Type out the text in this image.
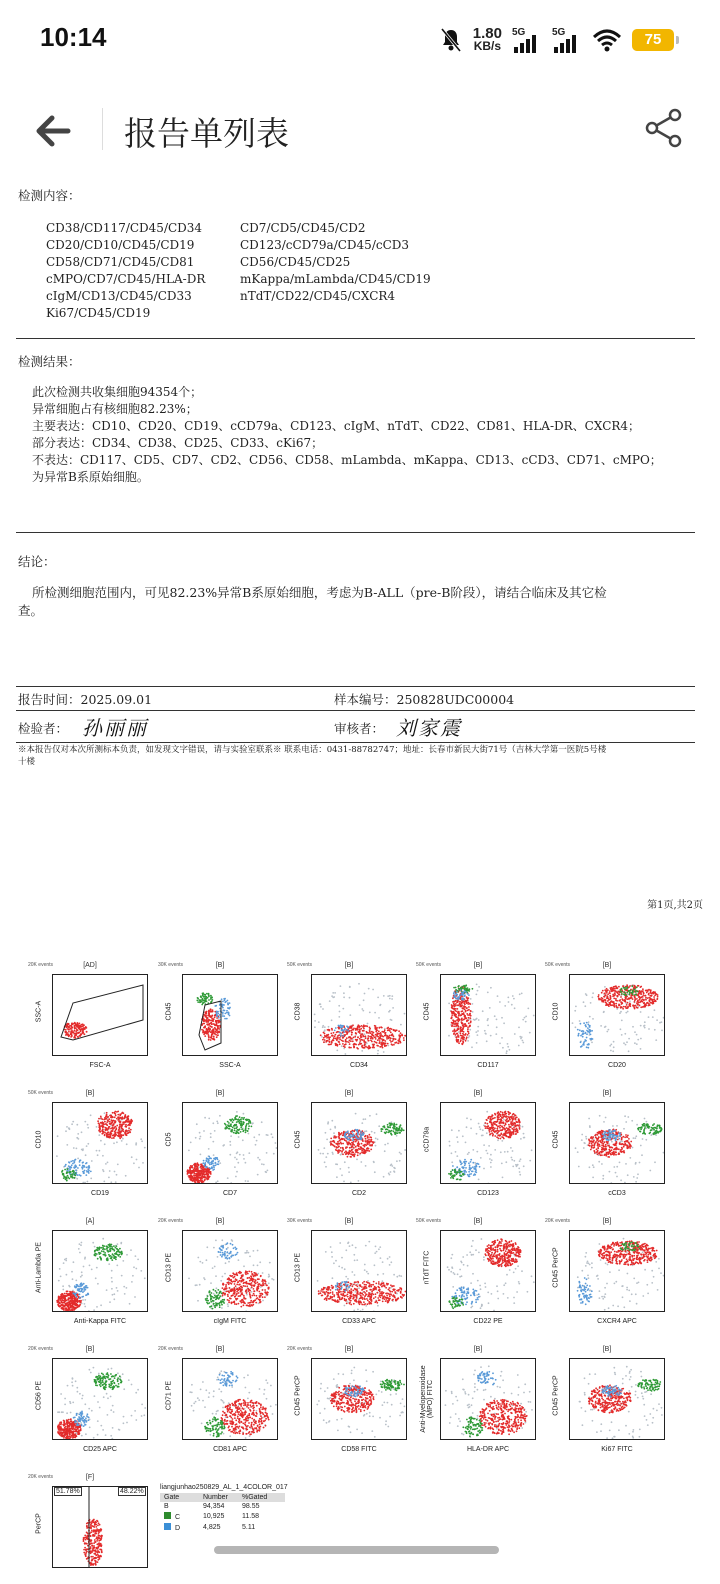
10:14	1.80
KB/s
5G	5G	75
报告单列表
检测内容：
CD38/CD117/CD45/CD34
CD20/CD10/CD45/CD19
CD58/CD71/CD45/CD81
cMPO/CD7/CD45/HLA-DR
cIgM/CD13/CD45/CD33
Ki67/CD45/CD19
CD7/CD5/CD45/CD2
CD123/cCD79a/CD45/cCD3
CD56/CD45/CD25
mKappa/mLambda/CD45/CD19
nTdT/CD22/CD45/CXCR4
检测结果：
此次检测共收集细胞94354个；
异常细胞占有核细胞82.23%；
主要表达：CD10、CD20、CD19、cCD79a、CD123、cIgM、nTdT、CD22、CD81、HLA-DR、CXCR4；
部分表达：CD34、CD38、CD25、CD33、cKi67；
不表达：CD117、CD5、CD7、CD2、CD56、CD58、mLambda、mKappa、CD13、cCD3、CD71、cMPO；
为异常B系原始细胞。
结论：
所检测细胞范围内，可见82.23%异常B系原始细胞，考虑为B-ALL（pre-B阶段），请结合临床及其它检
查。
报告时间：2025.09.01	样本编号：250828UDC00004
检验者： 孙丽丽	审核者： 刘家震
※本报告仅对本次所测标本负责，如发现文字错误，请与实验室联系※ 联系电话：0431-88782747；地址：长春市新民大街71号（吉林大学第一医院5号楼
十楼
第1页,共2页
20K events	[AD]
FSC-A
SSC-A
30K events	[B]
SSC-A
CD45
50K events	[B]
CD34
CD38
50K events	[B]
CD117
CD45
50K events	[B]
CD20
CD10
50K events	[B]
CD19
CD10
[B]
CD7
CD5
[B]
CD2
CD45
[B]
CD123
cCD79a
[B]
cCD3
CD45
[A]
Anti-Kappa FITC
Anti-Lambda PE
20K events	[B]
cIgM FITC
CD13 PE
30K events	[B]
CD33 APC
CD13 PE
50K events	[B]
CD22 PE
nTdT FITC
20K events	[B]
CXCR4 APC
CD45 PerCP
20K events	[B]
CD25 APC
CD56 PE
20K events	[B]
CD81 APC
CD71 PE
20K events	[B]
CD58 FITC
CD45 PerCP
[B]
HLA-DR APC
Anti-Myeloperoxidase (MPO) FITC
[B]
Ki67 FITC
CD45 PerCP
20K events	[F]
PerCP
51.78%	48.22%
liangjunhao250829_AL_1_4COLOR_017
Gate	Number	%Gated
B	94,354	98.55
C	10,925	11.58
D	4,825	5.11
